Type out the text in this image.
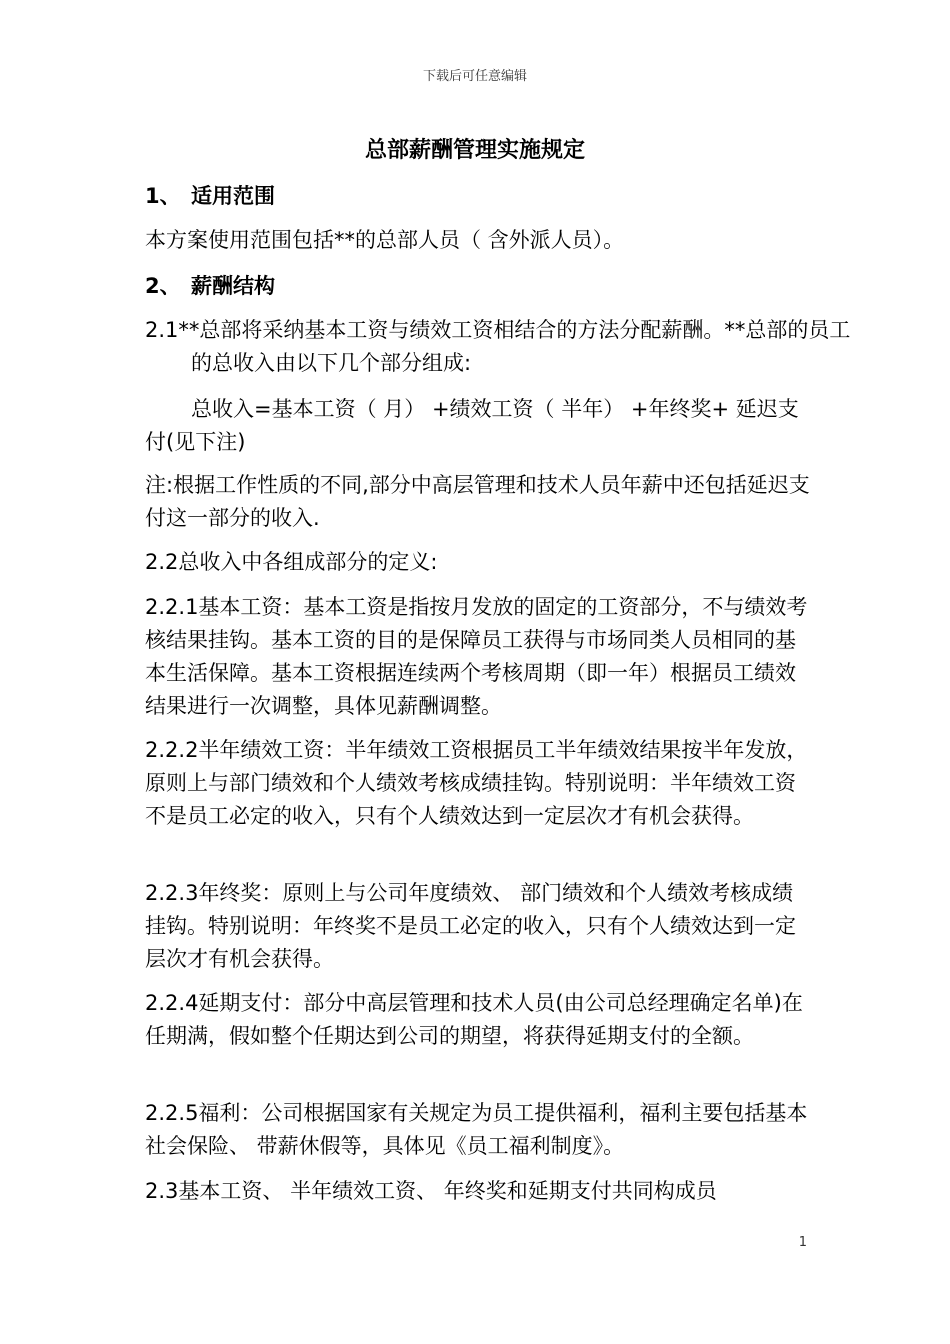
下载后可任意编辑
总部薪酬管理实施规定
1、 适用范围
本方案使用范围包括**的总部人员（ 含外派人员）。
2、 薪酬结构
2.1**总部将采纳基本工资与绩效工资相结合的方法分配薪酬。**总部的员工的总收入由以下几个部分组成:
总收入=基本工资（ 月） +绩效工资（ 半年） +年终奖+ 延迟支付(见下注)
注:根据工作性质的不同,部分中高层管理和技术人员年薪中还包括延迟支付这一部分的收入.
2.2总收入中各组成部分的定义:
2.2.1基本工资：基本工资是指按月发放的固定的工资部分，不与绩效考核结果挂钩。基本工资的目的是保障员工获得与市场同类人员相同的基本生活保障。基本工资根据连续两个考核周期（即一年）根据员工绩效结果进行一次调整，具体见薪酬调整。
2.2.2半年绩效工资：半年绩效工资根据员工半年绩效结果按半年发放，原则上与部门绩效和个人绩效考核成绩挂钩。特别说明：半年绩效工资不是员工必定的收入，只有个人绩效达到一定层次才有机会获得。
2.2.3年终奖：原则上与公司年度绩效、 部门绩效和个人绩效考核成绩挂钩。特别说明：年终奖不是员工必定的收入，只有个人绩效达到一定层次才有机会获得。
2.2.4延期支付：部分中高层管理和技术人员(由公司总经理确定名单)在任期满，假如整个任期达到公司的期望，将获得延期支付的全额。
2.2.5福利：公司根据国家有关规定为员工提供福利，福利主要包括基本社会保险、 带薪休假等，具体见《员工福利制度》。
2.3基本工资、 半年绩效工资、 年终奖和延期支付共同构成员
1
